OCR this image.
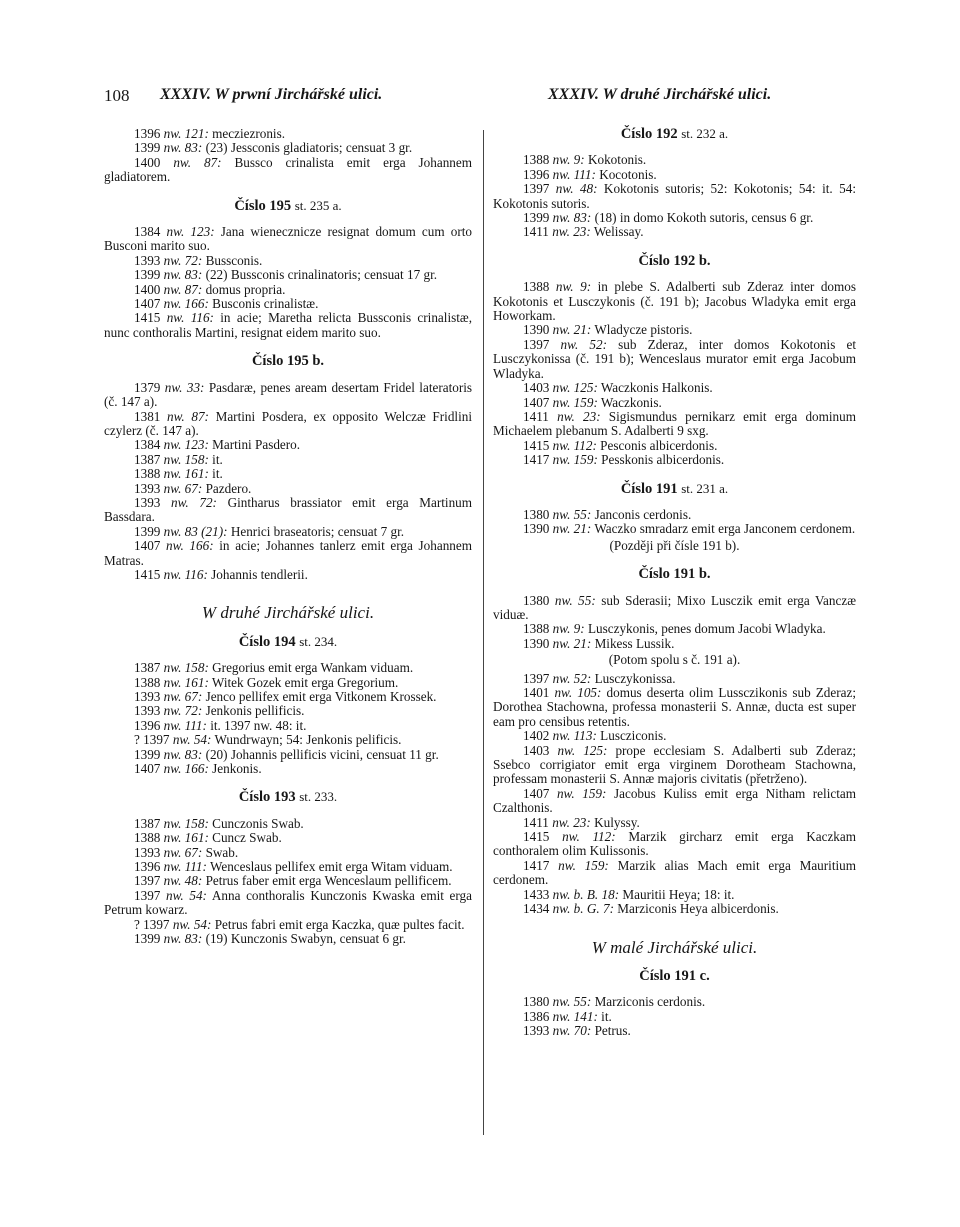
108 XXXIV. W prwní Jirchářské ulici.	XXXIV. W druhé Jirchářské ulici.

1396 nw. 121: mecziezronis.

1399 nw. 83: (23) Jessconis gladiatoris; censuat 3 gr.

1400 nw. 87: Bussco crinalista emit erga Johannem gladiatorem.

Číslo 195 st. 235 a.

1384 nw. 123: Jana wienecznicze resignat domum cum orto Busconi marito suo.

1393 nw. 72: Bussconis.

1399 nw. 83: (22) Bussconis crinalinatoris; censuat 17 gr.

1400 nw. 87: domus propria.

1407 nw. 166: Busconis crinalistæ.

1415 nw. 116: in acie; Maretha relicta Bussconis crinalistæ, nunc conthoralis Martini, resignat eidem marito suo.

Číslo 195 b.

1379 nw. 33: Pasdaræ, penes aream desertam Fridel lateratoris (č. 147 a).

1381 nw. 87: Martini Posdera, ex opposito Welczæ Fridlini czylerz (č. 147 a).

1384 nw. 123: Martini Pasdero.

1387 nw. 158: it.

1388 nw. 161: it.

1393 nw. 67: Pazdero.

1393 nw. 72: Gintharus brassiator emit erga Martinum Bassdara.

1399 nw. 83 (21): Henrici braseatoris; censuat 7 gr.

1407 nw. 166: in acie; Johannes tanlerz emit erga Johannem Matras.

1415 nw. 116: Johannis tendlerii.

W druhé Jirchářské ulici.
Číslo 194 st. 234.

1387 nw. 158: Gregorius emit erga Wankam viduam.

1388 nw. 161: Witek Gozek emit erga Gregorium.

1393 nw. 67: Jenco pellifex emit erga Vitkonem Krossek.

1393 nw. 72: Jenkonis pellificis.

1396 nw. 111: it. 1397 nw. 48: it.

? 1397 nw. 54: Wundrwayn; 54: Jenkonis pelificis.

1399 nw. 83: (20) Johannis pellificis vicini, censuat 11 gr.

1407 nw. 166: Jenkonis.

Číslo 193 st. 233.

1387 nw. 158: Cunczonis Swab.

1388 nw. 161: Cuncz Swab.

1393 nw. 67: Swab.

1396 nw. 111: Wenceslaus pellifex emit erga Witam viduam.

1397 nw. 48: Petrus faber emit erga Wenceslaum pellificem.

1397 nw. 54: Anna conthoralis Kunczonis Kwaska emit erga Petrum kowarz.

? 1397 nw. 54: Petrus fabri emit erga Kaczka, quæ pultes facit.

1399 nw. 83: (19) Kunczonis Swabyn, censuat 6 gr.

Číslo 192 st. 232 a.

1388 nw. 9: Kokotonis.

1396 nw. 111: Kocotonis.

1397 nw. 48: Kokotonis sutoris; 52: Kokotonis; 54: it. 54: Kokotonis sutoris.

1399 nw. 83: (18) in domo Kokoth sutoris, census 6 gr.

1411 nw. 23: Welissay.

Číslo 192 b.

1388 nw. 9: in plebe S. Adalberti sub Zderaz inter domos Kokotonis et Lusczykonis (č. 191 b); Jacobus Wladyka emit erga Howorkam.

1390 nw. 21: Wladycze pistoris.

1397 nw. 52: sub Zderaz, inter domos Kokotonis et Lusczykonissa (č. 191 b); Wenceslaus murator emit erga Jacobum Wladyka.

1403 nw. 125: Waczkonis Halkonis.

1407 nw. 159: Waczkonis.

1411 nw. 23: Sigismundus pernikarz emit erga dominum Michaelem plebanum S. Adalberti 9 sxg.

1415 nw. 112: Pesconis albicerdonis.

1417 nw. 159: Pesskonis albicerdonis.

Číslo 191 st. 231 a.

1380 nw. 55: Janconis cerdonis.

1390 nw. 21: Waczko smradarz emit erga Janconem cerdonem.

(Později při čísle 191 b).
Číslo 191 b.

1380 nw. 55: sub Sderasii; Mixo Lusczik emit erga Vanczæ viduæ.

1388 nw. 9: Lusczykonis, penes domum Jacobi Wladyka.

1390 nw. 21: Mikess Lussik.

(Potom spolu s č. 191 a).

1397 nw. 52: Lusczykonissa.

1401 nw. 105: domus deserta olim Lussczikonis sub Zderaz; Dorothea Stachowna, professa monasterii S. Annæ, ducta est super eam pro censibus retentis.

1402 nw. 113: Luscziconis.

1403 nw. 125: prope ecclesiam S. Adalberti sub Zderaz; Ssebco corrigiator emit erga virginem Dorotheam Stachowna, professam monasterii S. Annæ majoris civitatis (přetrženo).

1407 nw. 159: Jacobus Kuliss emit erga Nitham relictam Czalthonis.

1411 nw. 23: Kulyssy.

1415 nw. 112: Marzik gircharz emit erga Kaczkam conthoralem olim Kulissonis.

1417 nw. 159: Marzik alias Mach emit erga Mauritium cerdonem.

1433 nw. b. B. 18: Mauritii Heya; 18: it.

1434 nw. b. G. 7: Marziconis Heya albicerdonis.

W malé Jirchářské ulici.
Číslo 191 c.

1380 nw. 55: Marziconis cerdonis.

1386 nw. 141: it.

1393 nw. 70: Petrus.
